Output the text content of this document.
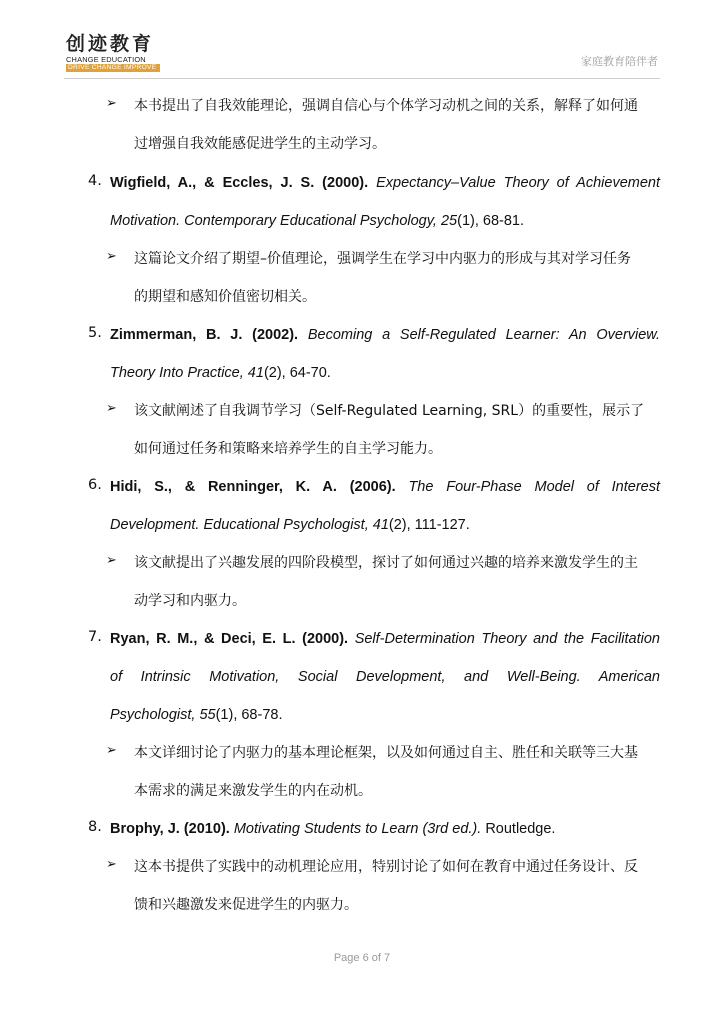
创迹教育
CHANGE EDUCATION
DRIVE CHANGE IMPROVE	家庭教育陪伴者
➢ 本书提出了自我效能理论，强调自信心与个体学习动机之间的关系，解释了如何通
过增强自我效能感促进学生的主动学习。
4. Wigfield, A., & Eccles, J. S. (2000). Expectancy–Value Theory of Achievement
Motivation. Contemporary Educational Psychology, 25(1), 68-81.
➢ 这篇论文介绍了期望–价值理论，强调学生在学习中内驱力的形成与其对学习任务
的期望和感知价值密切相关。
5. Zimmerman, B. J. (2002). Becoming a Self-Regulated Learner: An Overview.
Theory Into Practice, 41(2), 64-70.
➢ 该文献阐述了自我调节学习（Self-Regulated Learning, SRL）的重要性，展示了
如何通过任务和策略来培养学生的自主学习能力。
6. Hidi, S., & Renninger, K. A. (2006). The Four-Phase Model of Interest
Development. Educational Psychologist, 41(2), 111-127.
➢ 该文献提出了兴趣发展的四阶段模型，探讨了如何通过兴趣的培养来激发学生的主
动学习和内驱力。
7. Ryan, R. M., & Deci, E. L. (2000). Self-Determination Theory and the Facilitation
of Intrinsic Motivation, Social Development, and Well-Being. American
Psychologist, 55(1), 68-78.
➢ 本文详细讨论了内驱力的基本理论框架，以及如何通过自主、胜任和关联等三大基
本需求的满足来激发学生的内在动机。
8. Brophy, J. (2010). Motivating Students to Learn (3rd ed.). Routledge.
➢ 这本书提供了实践中的动机理论应用，特别讨论了如何在教育中通过任务设计、反
馈和兴趣激发来促进学生的内驱力。
Page 6 of 7
